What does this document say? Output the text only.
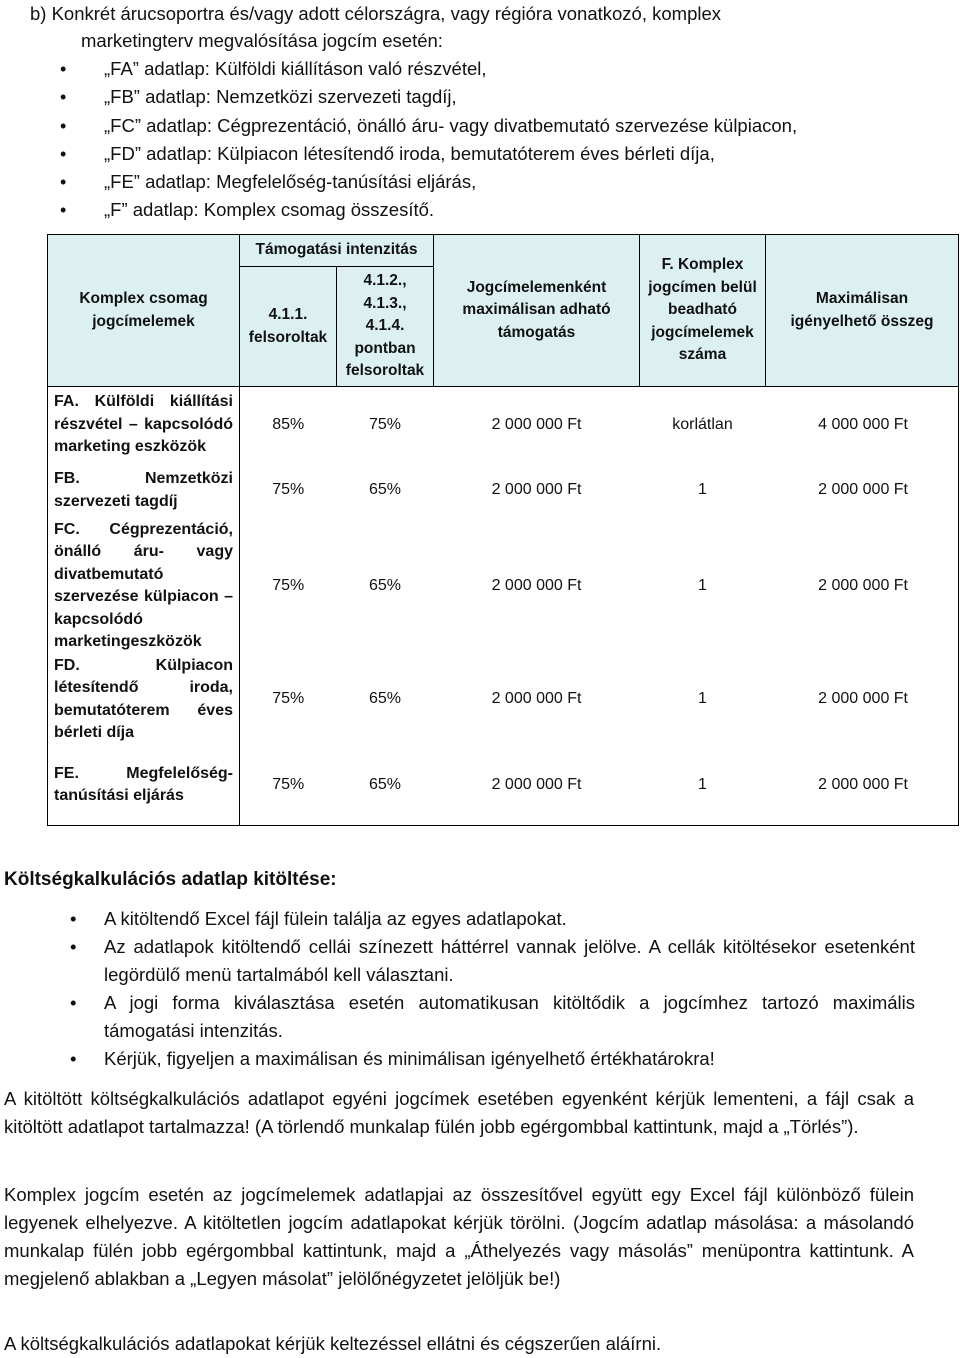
b) Konkrét árucsoportra és/vagy adott célországra, vagy régióra vonatkozó, komplex

marketingterv megvalósítása jogcím esetén:

• „FA” adatlap: Külföldi kiállításon való részvétel,
• „FB” adatlap: Nemzetközi szervezeti tagdíj,
• „FC” adatlap: Cégprezentáció, önálló áru- vagy divatbemutató szervezése külpiacon,
• „FD” adatlap: Külpiacon létesítendő iroda, bemutatóterem éves bérleti díja,
• „FE” adatlap: Megfelelőség-tanúsítási eljárás,
• „F” adatlap: Komplex csomag összesítő.
Komplex csomag jogcímelemek	Támogatási intenzitás		Jogcímelemenként maximálisan adható támogatás	F. Komplex jogcímen belül beadható jogcímelemek száma	Maximálisan igényelhető összeg
	4.1.1. felsoroltak	4.1.2., 4.1.3., 4.1.4. pontban felsoroltak			
FA. Külföldi kiállítási részvétel – kapcsolódó marketing eszközök	85%	75%	2 000 000 Ft	korlátlan	4 000 000 Ft
FB. Nemzetközi szervezeti tagdíj	75%	65%	2 000 000 Ft	1	2 000 000 Ft
FC. Cégprezentáció, önálló áru- vagy divatbemutató szervezése külpiacon – kapcsolódó marketingeszközök	75%	65%	2 000 000 Ft	1	2 000 000 Ft
FD. Külpiacon létesítendő iroda, bemutatóterem éves bérleti díja	75%	65%	2 000 000 Ft	1	2 000 000 Ft
FE. Megfelelőség-tanúsítási eljárás	75%	65%	2 000 000 Ft	1	2 000 000 Ft
Költségkalkulációs adatlap kitöltése:
• A kitöltendő Excel fájl fülein találja az egyes adatlapokat.
• Az adatlapok kitöltendő cellái színezett háttérrel vannak jelölve. A cellák kitöltésekor esetenként legördülő menü tartalmából kell választani.
• A jogi forma kiválasztása esetén automatikusan kitöltődik a jogcímhez tartozó maximális támogatási intenzitás.
• Kérjük, figyeljen a maximálisan és minimálisan igényelhető értékhatárokra!

A kitöltött költségkalkulációs adatlapot egyéni jogcímek esetében egyenként kérjük lementeni, a fájl csak a kitöltött adatlapot tartalmazza! (A törlendő munkalap fülén jobb egérgombbal kattintunk, majd a „Törlés”).

Komplex jogcím esetén az jogcímelemek adatlapjai az összesítővel együtt egy Excel fájl különböző fülein legyenek elhelyezve. A kitöltetlen jogcím adatlapokat kérjük törölni. (Jogcím adatlap másolása: a másolandó munkalap fülén jobb egérgombbal kattintunk, majd a „Áthelyezés vagy másolás” menüpontra kattintunk. A megjelenő ablakban a „Legyen másolat” jelölőnégyzetet jelöljük be!)

A költségkalkulációs adatlapokat kérjük keltezéssel ellátni és cégszerűen aláírni.
